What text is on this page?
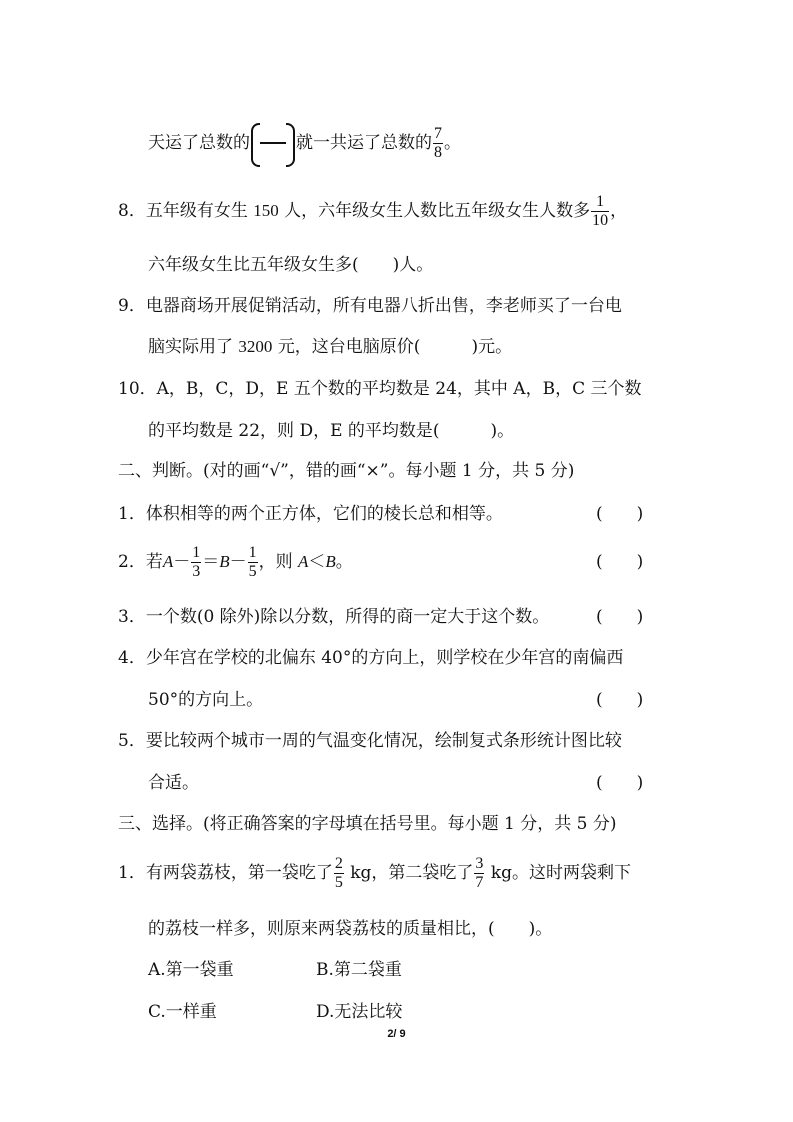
天运了总数的	就一共运了总数的 $\frac{7}{8}$ 。
8．五年级有女生 150 人，六年级女生人数比五年级女生人数多 $\frac{1}{10}$ ，
六年级女生比五年级女生多(　　)人。
9．电器商场开展促销活动，所有电器八折出售，李老师买了一台电
脑实际用了 3200 元，这台电脑原价(　　　)元。
10．A，B，C，D，E 五个数的平均数是 24，其中 A，B，C 三个数
的平均数是 22，则 D，E 的平均数是(　　　)。
二、判断。(对的画“√”，错的画“×”。每小题 1 分，共 5 分)
1．体积相等的两个正方体，它们的棱长总和相等。	(　　)
2．若$A- \frac{1}{3} =B- \frac{1}{5}$ ，则 A＜B。	(　　)
3．一个数(0 除外)除以分数，所得的商一定大于这个数。	(　　)
4．少年宫在学校的北偏东 40°的方向上，则学校在少年宫的南偏西
50°的方向上。	(　　)
5．要比较两个城市一周的气温变化情况，绘制复式条形统计图比较
合适。	(　　)
三、选择。(将正确答案的字母填在括号里。每小题 1 分，共 5 分)
1．有两袋荔枝，第一袋吃了 $\frac{2}{5}$ kg，第二袋吃了 $\frac{3}{7}$ kg。这时两袋剩下
的荔枝一样多，则原来两袋荔枝的质量相比，(　　)。
A.第一袋重	B.第二袋重
C.一样重	D.无法比较
2/ 9
